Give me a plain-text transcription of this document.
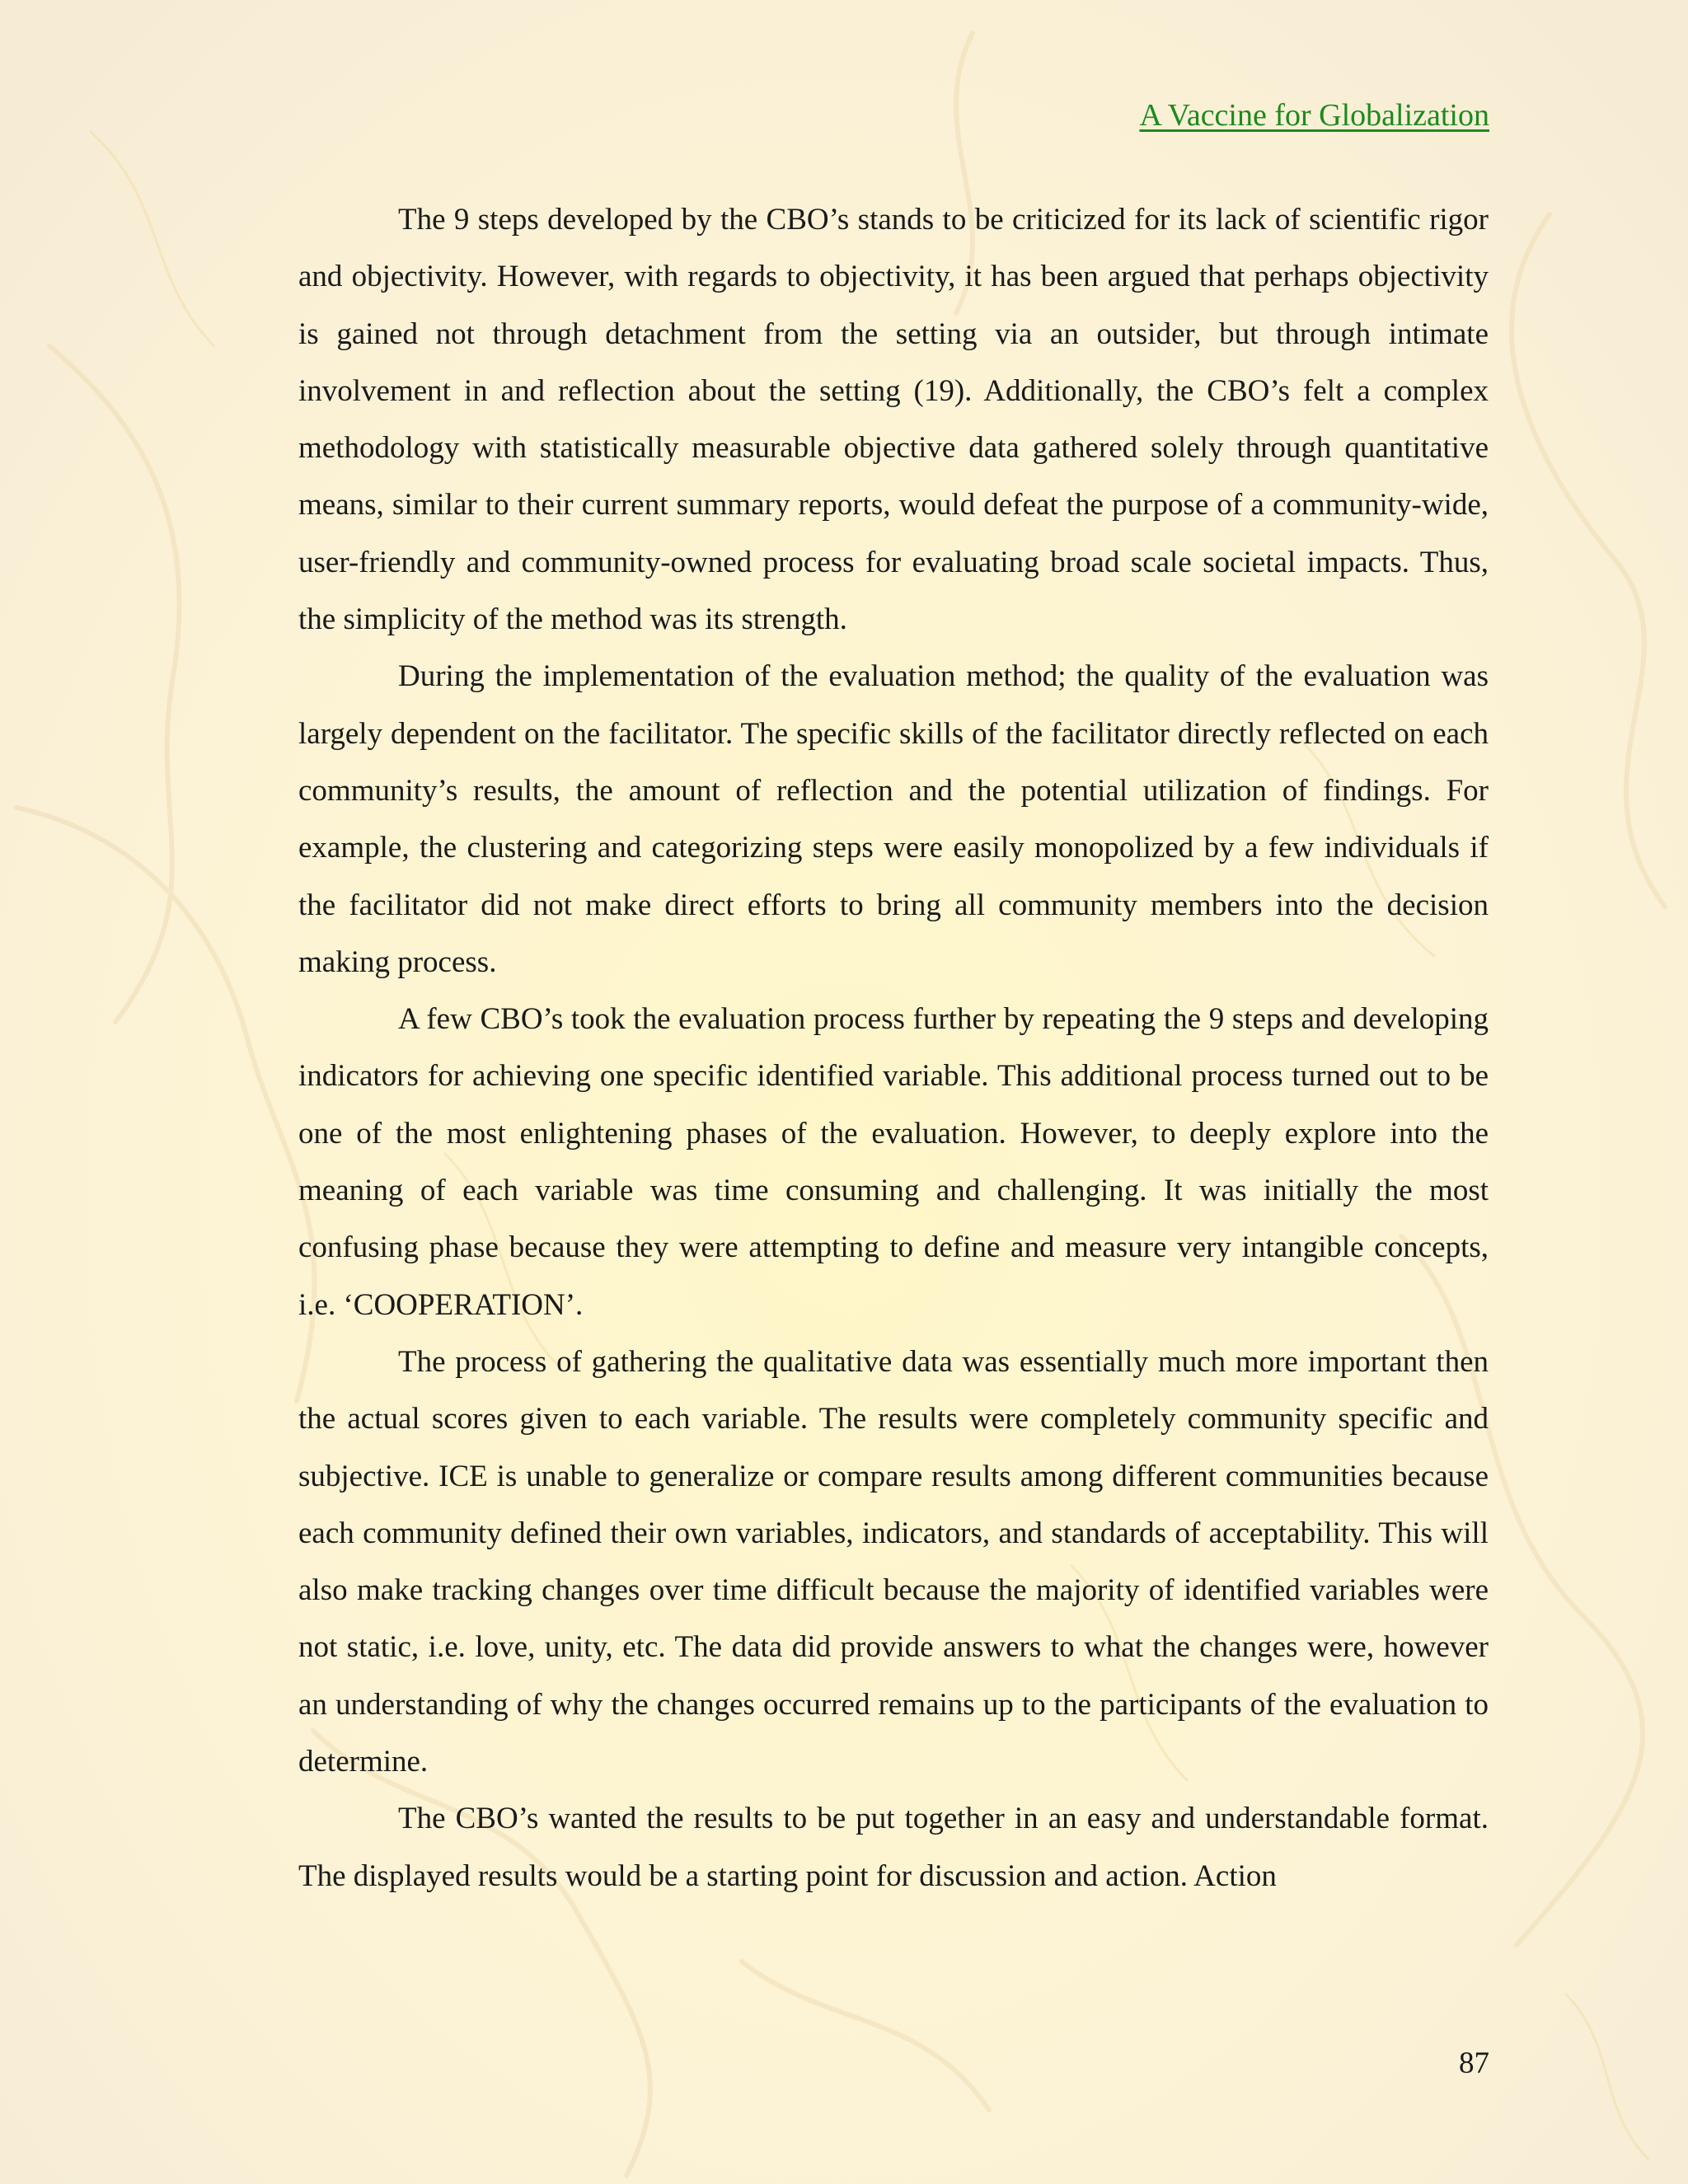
A Vaccine for Globalization

The 9 steps developed by the CBO’s stands to be criticized for its lack of scientific rigor and objectivity. However, with regards to objectivity, it has been argued that perhaps objectivity is gained not through detachment from the setting via an outsider, but through intimate involvement in and reflection about the setting (19). Additionally, the CBO’s felt a complex methodology with statistically measurable objective data gathered solely through quantitative means, similar to their current summary reports, would defeat the purpose of a community-wide, user-friendly and community-owned process for evaluating broad scale societal impacts. Thus, the simplicity of the method was its strength.

During the implementation of the evaluation method; the quality of the evaluation was largely dependent on the facilitator. The specific skills of the facilitator directly reflected on each community’s results, the amount of reflection and the potential utilization of findings. For example, the clustering and categorizing steps were easily monopolized by a few individuals if the facilitator did not make direct efforts to bring all community members into the decision making process.

A few CBO’s took the evaluation process further by repeating the 9 steps and developing indicators for achieving one specific identified variable. This additional process turned out to be one of the most enlightening phases of the evaluation. However, to deeply explore into the meaning of each variable was time consuming and challenging. It was initially the most confusing phase because they were attempting to define and measure very intangible concepts, i.e. ‘COOPERATION’.

The process of gathering the qualitative data was essentially much more important then the actual scores given to each variable. The results were completely community specific and subjective. ICE is unable to generalize or compare results among different communities because each community defined their own variables, indicators, and standards of acceptability. This will also make tracking changes over time difficult because the majority of identified variables were not static, i.e. love, unity, etc. The data did provide answers to what the changes were, however an understanding of why the changes occurred remains up to the participants of the evaluation to determine.

The CBO’s wanted the results to be put together in an easy and understandable format. The displayed results would be a starting point for discussion and action. Action

87
